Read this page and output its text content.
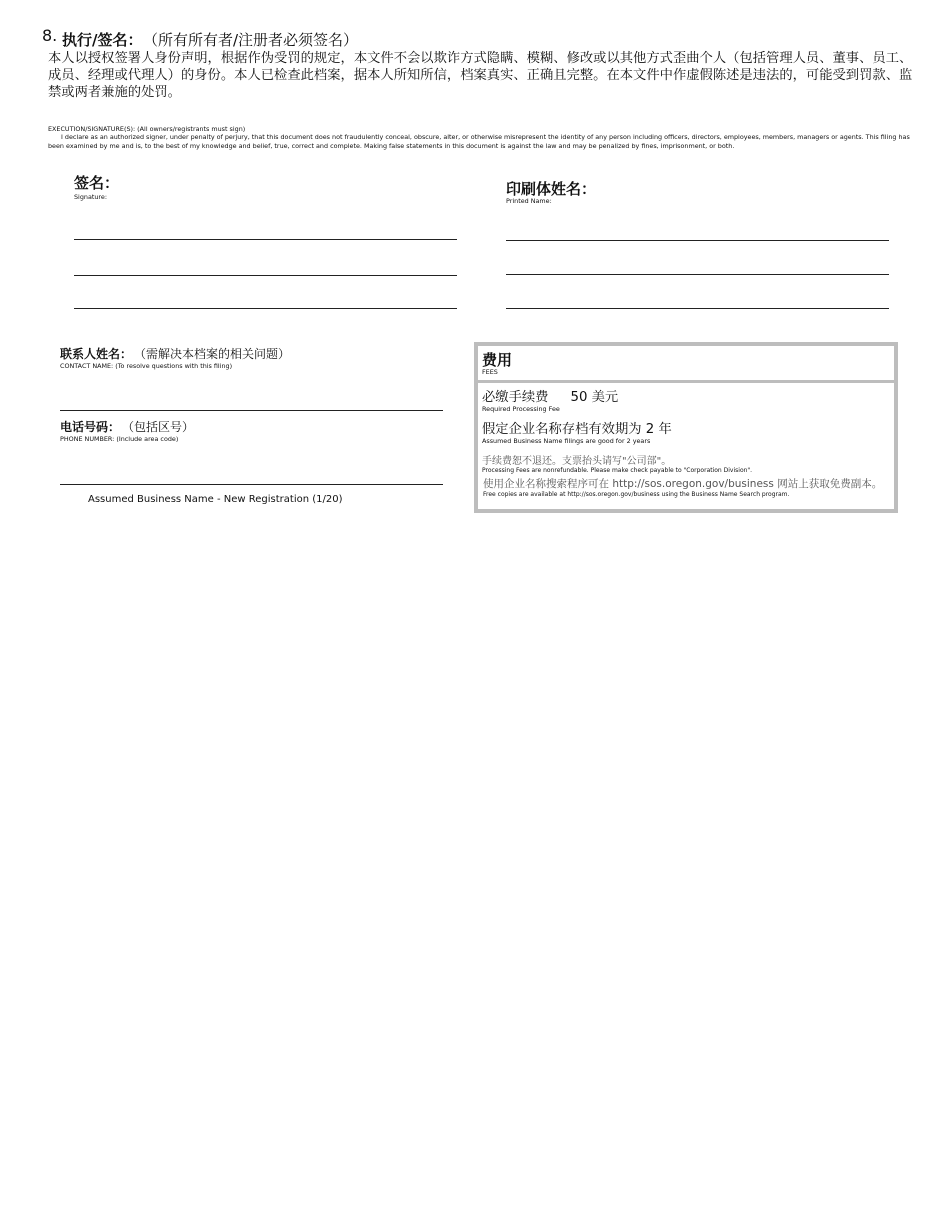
8. 执行/签名： （所有所有者/注册者必须签名）
本人以授权签署人身份声明，根据作伪受罚的规定，本文件不会以欺诈方式隐瞒、模糊、修改或以其他方式歪曲个人（包括管理人员、董事、员工、成员、经理或代理人）的身份。本人已检查此档案，据本人所知所信，档案真实、正确且完整。在本文件中作虚假陈述是违法的，可能受到罚款、监禁或两者兼施的处罚。
EXECUTION/SIGNATURE(S): (All owners/registrants must sign)
I declare as an authorized signer, under penalty of perjury, that this document does not fraudulently conceal, obscure, alter, or otherwise misrepresent the identity of any person including officers, directors, employees, members, managers or agents. This filing has been examined by me and is, to the best of my knowledge and belief, true, correct and complete. Making false statements in this document is against the law and may be penalized by fines, imprisonment, or both.
签名：
Signature:	印刷体姓名：
Printed Name:
联系人姓名： （需解决本档案的相关问题）
CONTACT NAME: (To resolve questions with this filing)
电话号码： （包括区号）
PHONE NUMBER: (Include area code)
Assumed Business Name - New Registration (1/20)
费用
FEES
必缴手续费 50 美元
Required Processing Fee
假定企业名称存档有效期为 2 年
Assumed Business Name filings are good for 2 years
手续费恕不退还。支票抬头请写"公司部"。
Processing Fees are nonrefundable. Please make check payable to "Corporation Division".
使用企业名称搜索程序可在 http://sos.oregon.gov/business 网站上获取免费副本。
Free copies are available at http://sos.oregon.gov/business using the Business Name Search program.
